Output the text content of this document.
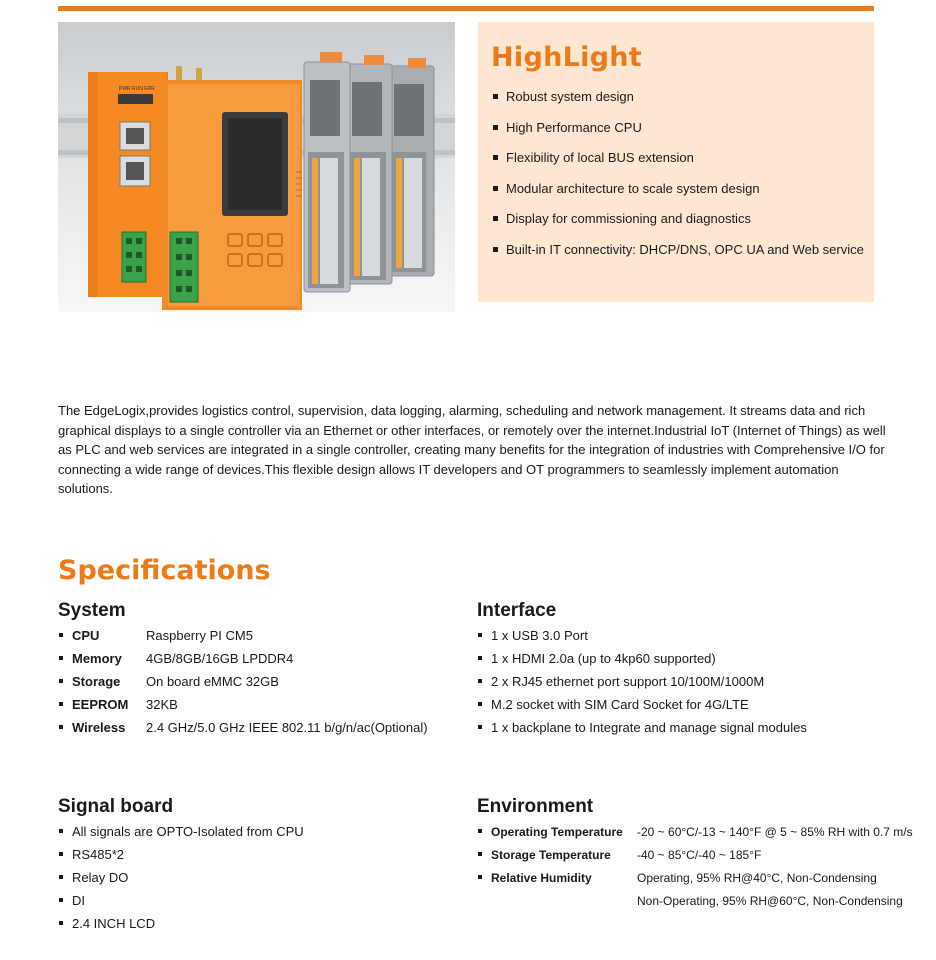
PWR RUN ERR
HighLight
Robust system design
High Performance CPU
Flexibility of local BUS extension
Modular architecture to scale system design
Display for commissioning and diagnostics
Built-in IT connectivity: DHCP/DNS, OPC UA and Web service

The EdgeLogix,provides logistics control, supervision, data logging, alarming, scheduling and network management. It streams data and rich graphical displays to a single controller via an Ethernet or other interfaces, or remotely over the internet.Industrial IoT (Internet of Things) as well as PLC and web services are integrated in a single controller, creating many benefits for the integration of industries with Comprehensive I/O for connecting a wide range of devices.This flexible design allows IT developers and OT programmers to seamlessly implement automation solutions.

Specifications
System
CPU	Raspberry PI CM5
Memory 4GB/8GB/16GB LPDDR4
Storage On board eMMC 32GB
EEPROM 32KB
Wireless 2.4 GHz/5.0 GHz IEEE 802.11 b/g/n/ac(Optional)
Interface
1 x USB 3.0 Port
1 x HDMI 2.0a (up to 4kp60 supported)
2 x RJ45 ethernet port support 10/100M/1000M
M.2 socket with SIM Card Socket for 4G/LTE
1 x backplane to Integrate and manage signal modules
Signal board
All signals are OPTO-Isolated from CPU
RS485*2
Relay DO
DI
2.4 INCH LCD
Environment
Operating Temperature -20 ~ 60°C/-13 ~ 140°F @ 5 ~ 85% RH with 0.7 m/s
Storage Temperature -40 ~ 85°C/-40 ~ 185°F
Relative Humidity	Operating, 95% RH@40°C, Non-Condensing
Non-Operating, 95% RH@60°C, Non-Condensing
